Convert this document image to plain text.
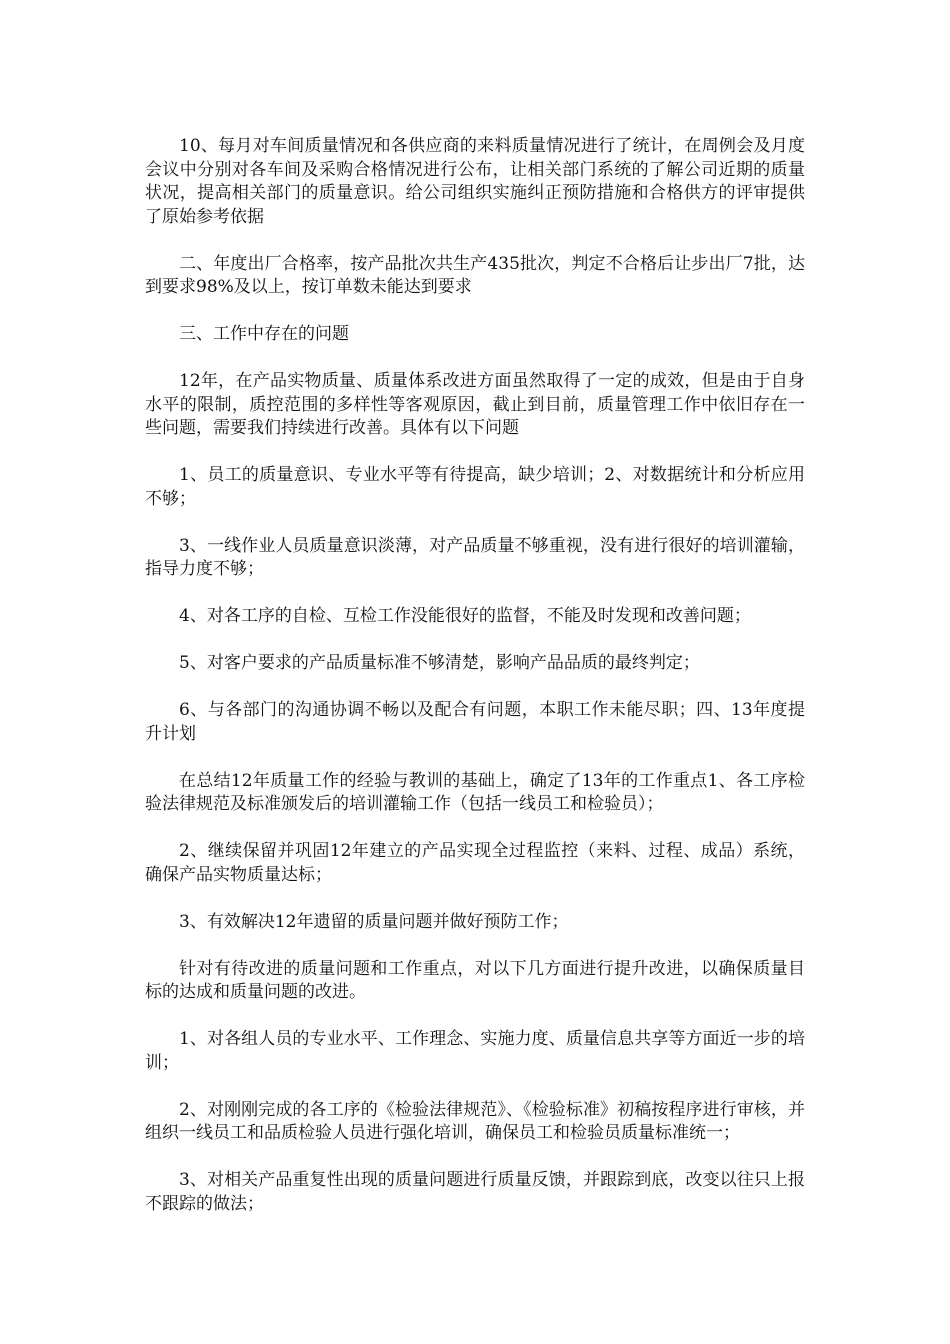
10、每月对车间质量情况和各供应商的来料质量情况进行了统计，在周例会及月度会议中分别对各车间及采购合格情况进行公布，让相关部门系统的了解公司近期的质量状况，提高相关部门的质量意识。给公司组织实施纠正预防措施和合格供方的评审提供了原始参考依据

二、年度出厂合格率，按产品批次共生产435批次，判定不合格后让步出厂7批，达到要求98%及以上，按订单数未能达到要求

三、工作中存在的问题

12年，在产品实物质量、质量体系改进方面虽然取得了一定的成效，但是由于自身水平的限制，质控范围的多样性等客观原因，截止到目前，质量管理工作中依旧存在一些问题，需要我们持续进行改善。具体有以下问题

1、员工的质量意识、专业水平等有待提高，缺少培训；2、对数据统计和分析应用不够；

3、一线作业人员质量意识淡薄，对产品质量不够重视，没有进行很好的培训灌输，指导力度不够；

4、对各工序的自检、互检工作没能很好的监督，不能及时发现和改善问题；

5、对客户要求的产品质量标准不够清楚，影响产品品质的最终判定；

6、与各部门的沟通协调不畅以及配合有问题，本职工作未能尽职；四、13年度提升计划

在总结12年质量工作的经验与教训的基础上，确定了13年的工作重点1、各工序检验法律规范及标准颁发后的培训灌输工作（包括一线员工和检验员）；

2、继续保留并巩固12年建立的产品实现全过程监控（来料、过程、成品）系统，确保产品实物质量达标；

3、有效解决12年遗留的质量问题并做好预防工作；

针对有待改进的质量问题和工作重点，对以下几方面进行提升改进，以确保质量目标的达成和质量问题的改进。

1、对各组人员的专业水平、工作理念、实施力度、质量信息共享等方面近一步的培训；

2、对刚刚完成的各工序的《检验法律规范》、《检验标准》初稿按程序进行审核，并组织一线员工和品质检验人员进行强化培训，确保员工和检验员质量标准统一；

3、对相关产品重复性出现的质量问题进行质量反馈，并跟踪到底，改变以往只上报不跟踪的做法；
